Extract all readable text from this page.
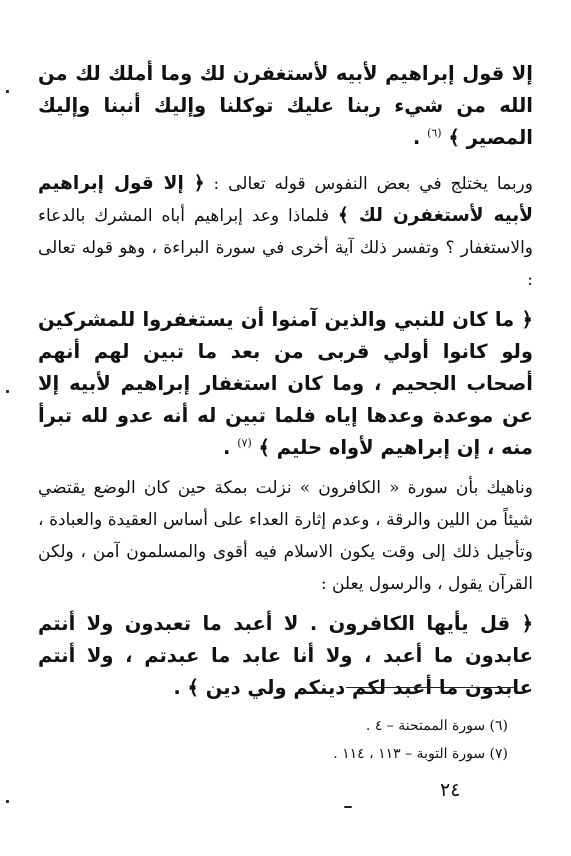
إلا قول إبراهيم لأبيه لأستغفرن لك وما أملك لك من الله من شيء ربنا عليك توكلنا وإليك أنبنا وإليك المصير ﴾ $^{(٦)}$ .

وربما يختلج في بعض النفوس قوله تعالى : ﴿ إلا قول إبراهيم لأبيه لأستغفرن لك ﴾ فلماذا وعد إبراهيم أباه المشرك بالدعاء والاستغفار ؟ وتفسر ذلك آية أخرى في سورة البراءة ، وهو قوله تعالى :

﴿ ما كان للنبي والذين آمنوا أن يستغفروا للمشركين ولو كانوا أولي قربى من بعد ما تبين لهم أنهم أصحاب الجحيم ، وما كان استغفار إبراهيم لأبيه إلا عن موعدة وعدها إياه فلما تبين له أنه عدو لله تبرأ منه ، إن إبراهيم لأواه حليم ﴾ $^{(٧)}$ .

وناهيك بأن سورة « الكافرون » نزلت بمكة حين كان الوضع يقتضي شيئاً من اللين والرقة ، وعدم إثارة العداء على أساس العقيدة والعبادة ، وتأجيل ذلك إلى وقت يكون الاسلام فيه أقوى والمسلمون آمن ، ولكن القرآن يقول ، والرسول يعلن :

﴿ قل يأيها الكافرون . لا أعبد ما تعبدون ولا أنتم عابدون ما أعبد ، ولا أنا عابد ما عبدتم ، ولا أنتم عابدون ما أعبد لكم دينكم ولي دين ﴾ .

(٦) سورة الممتحنة – ٤ .
(٧) سورة التوبة – ١١٣ ، ١١٤ .
٢٤
